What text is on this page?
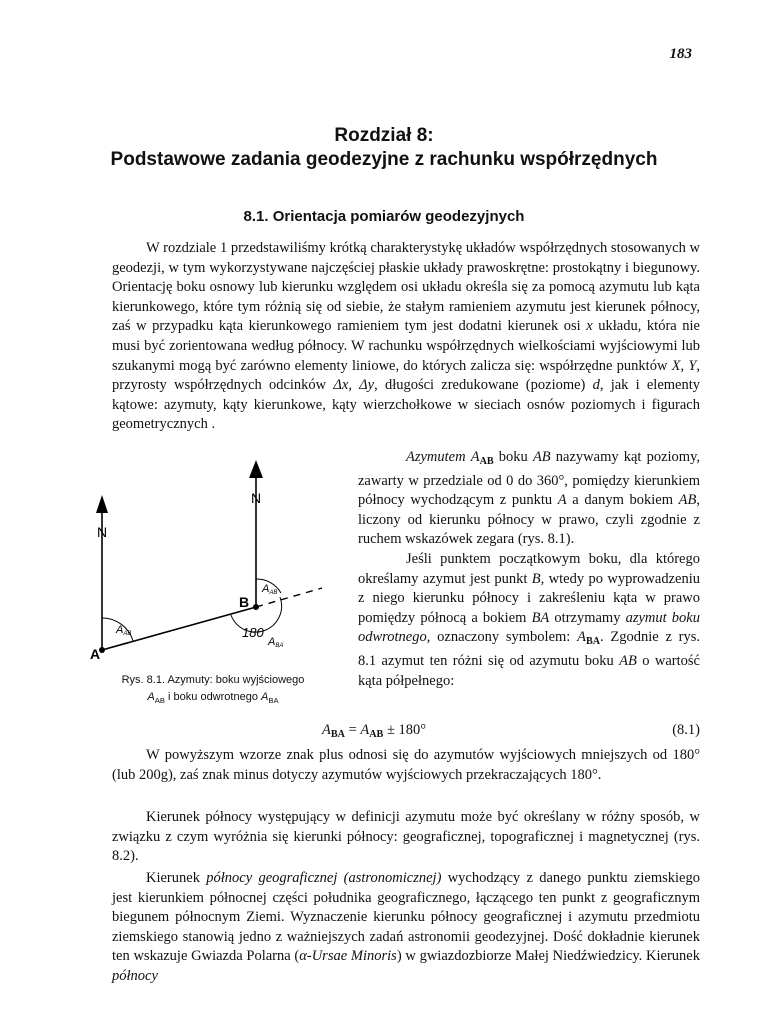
183
Rozdział 8:
Podstawowe zadania geodezyjne z rachunku współrzędnych
8.1. Orientacja pomiarów geodezyjnych

W rozdziale 1 przedstawiliśmy krótką charakterystykę układów współrzędnych stosowanych w geodezji, w tym wykorzystywane najczęściej płaskie układy prawoskrętne: prostokątny i biegunowy. Orientację boku osnowy lub kierunku względem osi układu określa się za pomocą azymutu lub kąta kierunkowego, które tym różnią się od siebie, że stałym ramieniem azymutu jest kierunek północy, zaś w przypadku kąta kierunkowego ramieniem tym jest dodatni kierunek osi x układu, która nie musi być zorientowana według północy. W rachunku współrzędnych wielkościami wyjściowymi lub szukanymi mogą być zarówno elementy liniowe, do których zalicza się: współrzędne punktów X, Y, przyrosty współrzędnych odcinków Δx, Δy, długości zredukowane (poziome) d, jak i elementy kątowe: azymuty, kąty kierunkowe, kąty wierzchołkowe w sieciach osnów poziomych i figurach geometrycznych .

N
N
A
B
AAB
AAB
180
ABA
Rys. 8.1. Azymuty: boku wyjściowego
$A_{AB}$ i boku odwrotnego $A_{BA}$

Azymutem $A_{AB}$ boku AB nazywamy kąt poziomy, zawarty w przedziale od 0 do 360°, pomiędzy kierunkiem północy wychodzącym z punktu A a danym bokiem AB, liczony od kierunku północy w prawo, czyli zgodnie z ruchem wskazówek zegara (rys. 8.1).
Jeśli punktem początkowym boku, dla którego określamy azymut jest punkt B, wtedy po wyprowadzeniu z niego kierunku północy i zakreśleniu kąta w prawo pomiędzy północą a bokiem BA otrzymamy azymut boku odwrotnego, oznaczony symbolem: $A_{BA}$. Zgodnie z rys. 8.1 azymut ten różni się od azymutu boku AB o wartość kąta półpełnego:

$A_{BA} = A_{AB} \pm 180^\circ$	(8.1)

W powyższym wzorze znak plus odnosi się do azymutów wyjściowych mniejszych od 180° (lub 200g), zaś znak minus dotyczy azymutów wyjściowych przekraczających 180°.

Kierunek północy występujący w definicji azymutu może być określany w różny sposób, w związku z czym wyróżnia się kierunki północy: geograficznej, topograficznej i magnetycznej (rys. 8.2).

Kierunek północy geograficznej (astronomicznej) wychodzący z danego punktu ziemskiego jest kierunkiem północnej części południka geograficznego, łączącego ten punkt z geograficznym biegunem północnym Ziemi. Wyznaczenie kierunku północy geograficznej i azymutu przedmiotu ziemskiego stanowią jedno z ważniejszych zadań astronomii geodezyjnej. Dość dokładnie kierunek ten wskazuje Gwiazda Polarna (α-Ursae Minoris) w gwiazdozbiorze Małej Niedźwiedzicy. Kierunek północy
